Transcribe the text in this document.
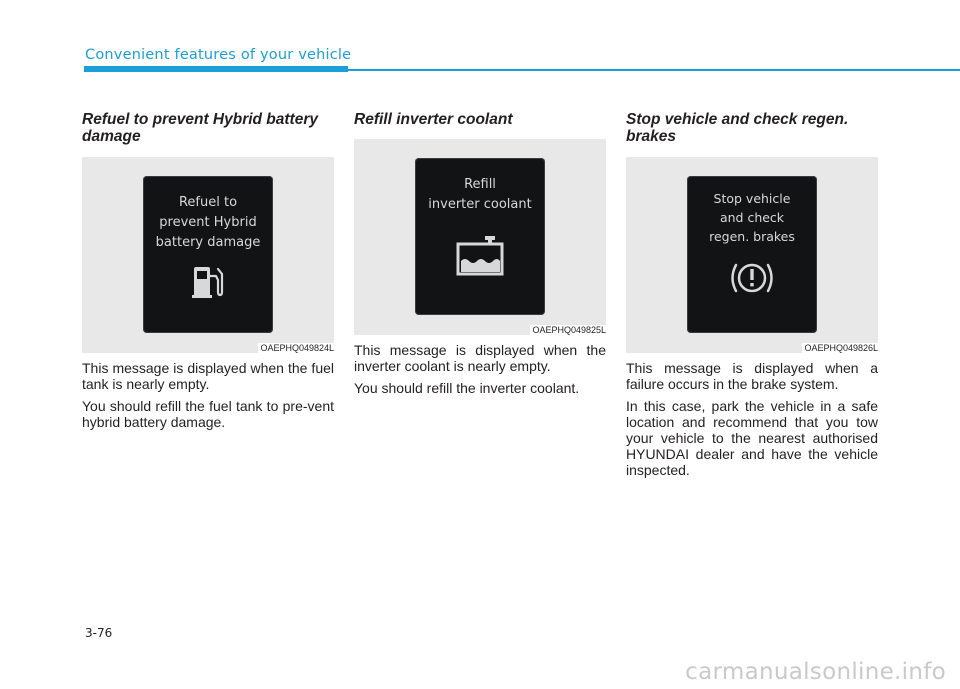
Convenient features of your vehicle
Refuel to prevent Hybrid battery damage

Refuel to
prevent Hybrid
battery damage

OAEPHQ049824L

This message is displayed when the fuel tank is nearly empty.

You should refill the fuel tank to pre-vent hybrid battery damage.

Refill inverter coolant

Refill
inverter coolant

OAEPHQ049825L

This message is displayed when the inverter coolant is nearly empty.

You should refill the inverter coolant.

Stop vehicle and check regen. brakes

Stop vehicle
and check
regen. brakes

OAEPHQ049826L

This message is displayed when a failure occurs in the brake system.

In this case, park the vehicle in a safe location and recommend that you tow your vehicle to the nearest authorised HYUNDAI dealer and have the vehicle inspected.

3-76

carmanualsonline.info
